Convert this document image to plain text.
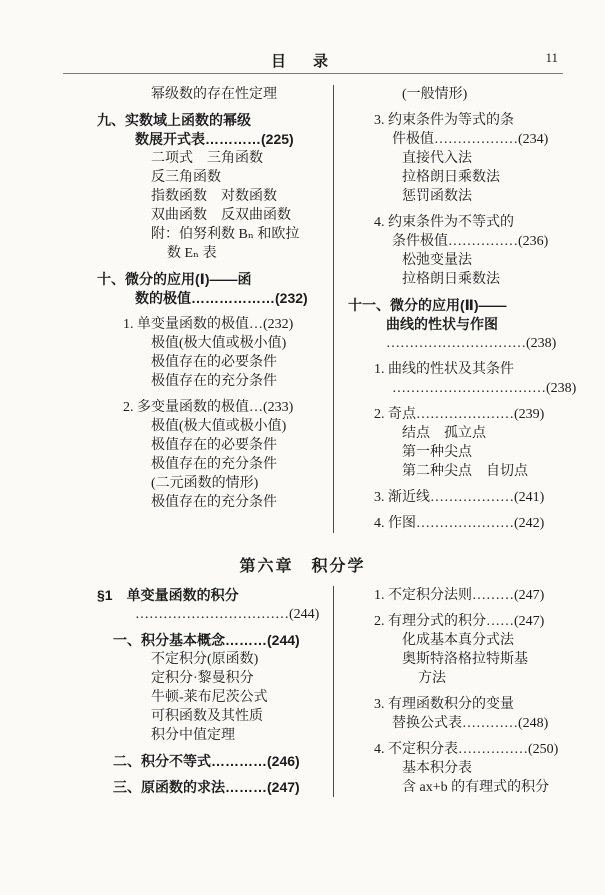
目　录	11
幂级数的存在性定理
九、实数域上函数的幂级
数展开式表…………(225)
二项式　三角函数
反三角函数
指数函数　对数函数
双曲函数　反双曲函数
附：伯努利数 Bₙ 和欧拉
数 Eₙ 表
十、微分的应用(Ⅰ)——函
数的极值………………(232)
1. 单变量函数的极值…(232)
极值(极大值或极小值)
极值存在的必要条件
极值存在的充分条件
2. 多变量函数的极值…(233)
极值(极大值或极小值)
极值存在的必要条件
极值存在的充分条件
(二元函数的情形)
极值存在的充分条件
(一般情形)
3. 约束条件为等式的条
件极值………………(234)
直接代入法
拉格朗日乘数法
惩罚函数法
4. 约束条件为不等式的
条件极值……………(236)
松弛变量法
拉格朗日乘数法
十一、微分的应用(Ⅱ)——
曲线的性状与作图
…………………………(238)
1. 曲线的性状及其条件
……………………………(238)
2. 奇点…………………(239)
结点　孤立点
第一种尖点
第二种尖点　自切点
3. 渐近线………………(241)
4. 作图…………………(242)
第六章　积分学
§1　单变量函数的积分
……………………………(244)
一、积分基本概念………(244)
不定积分(原函数)
定积分·黎曼积分
牛顿-莱布尼茨公式
可积函数及其性质
积分中值定理
二、积分不等式…………(246)
三、原函数的求法………(247)
1. 不定积分法则………(247)
2. 有理分式的积分……(247)
化成基本真分式法
奥斯特洛格拉特斯基
方法
3. 有理函数积分的变量
替换公式表…………(248)
4. 不定积分表……………(250)
基本积分表
含 ax+b 的有理式的积分
